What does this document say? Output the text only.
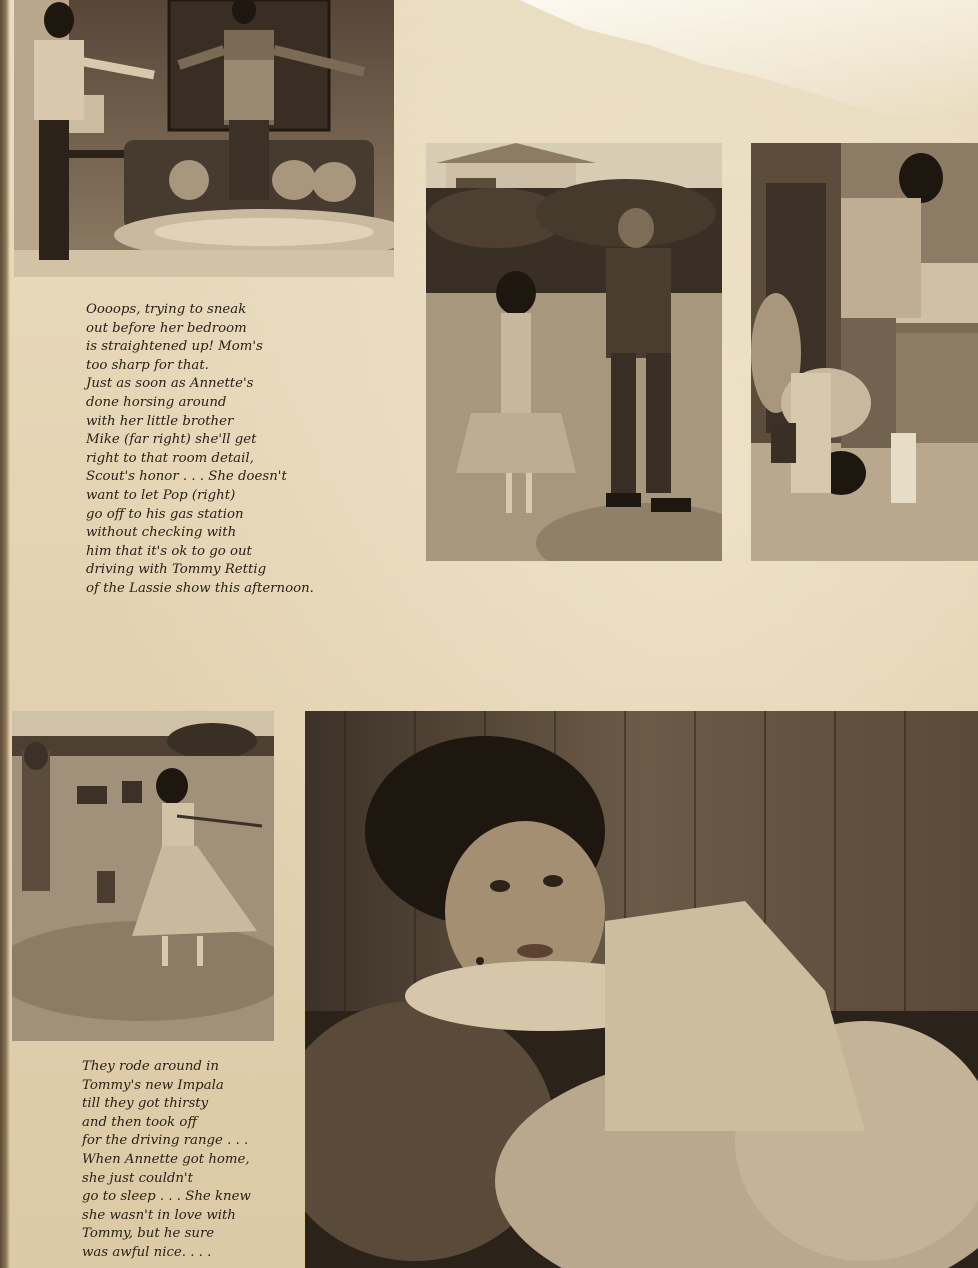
Oooops, trying to sneak
out before her bedroom
is straightened up! Mom's
too sharp for that.
Just as soon as Annette's
done horsing around
with her little brother
Mike (far right) she'll get
right to that room detail,
Scout's honor . . . She doesn't
want to let Pop (right)
go off to his gas station
without checking with
him that it's ok to go out
driving with Tommy Rettig
of the Lassie show this afternoon.

They rode around in
Tommy's new Impala
till they got thirsty
and then took off
for the driving range . . .
When Annette got home,
she just couldn't
go to sleep . . . She knew
she wasn't in love with
Tommy, but he sure
was awful nice. . . .
